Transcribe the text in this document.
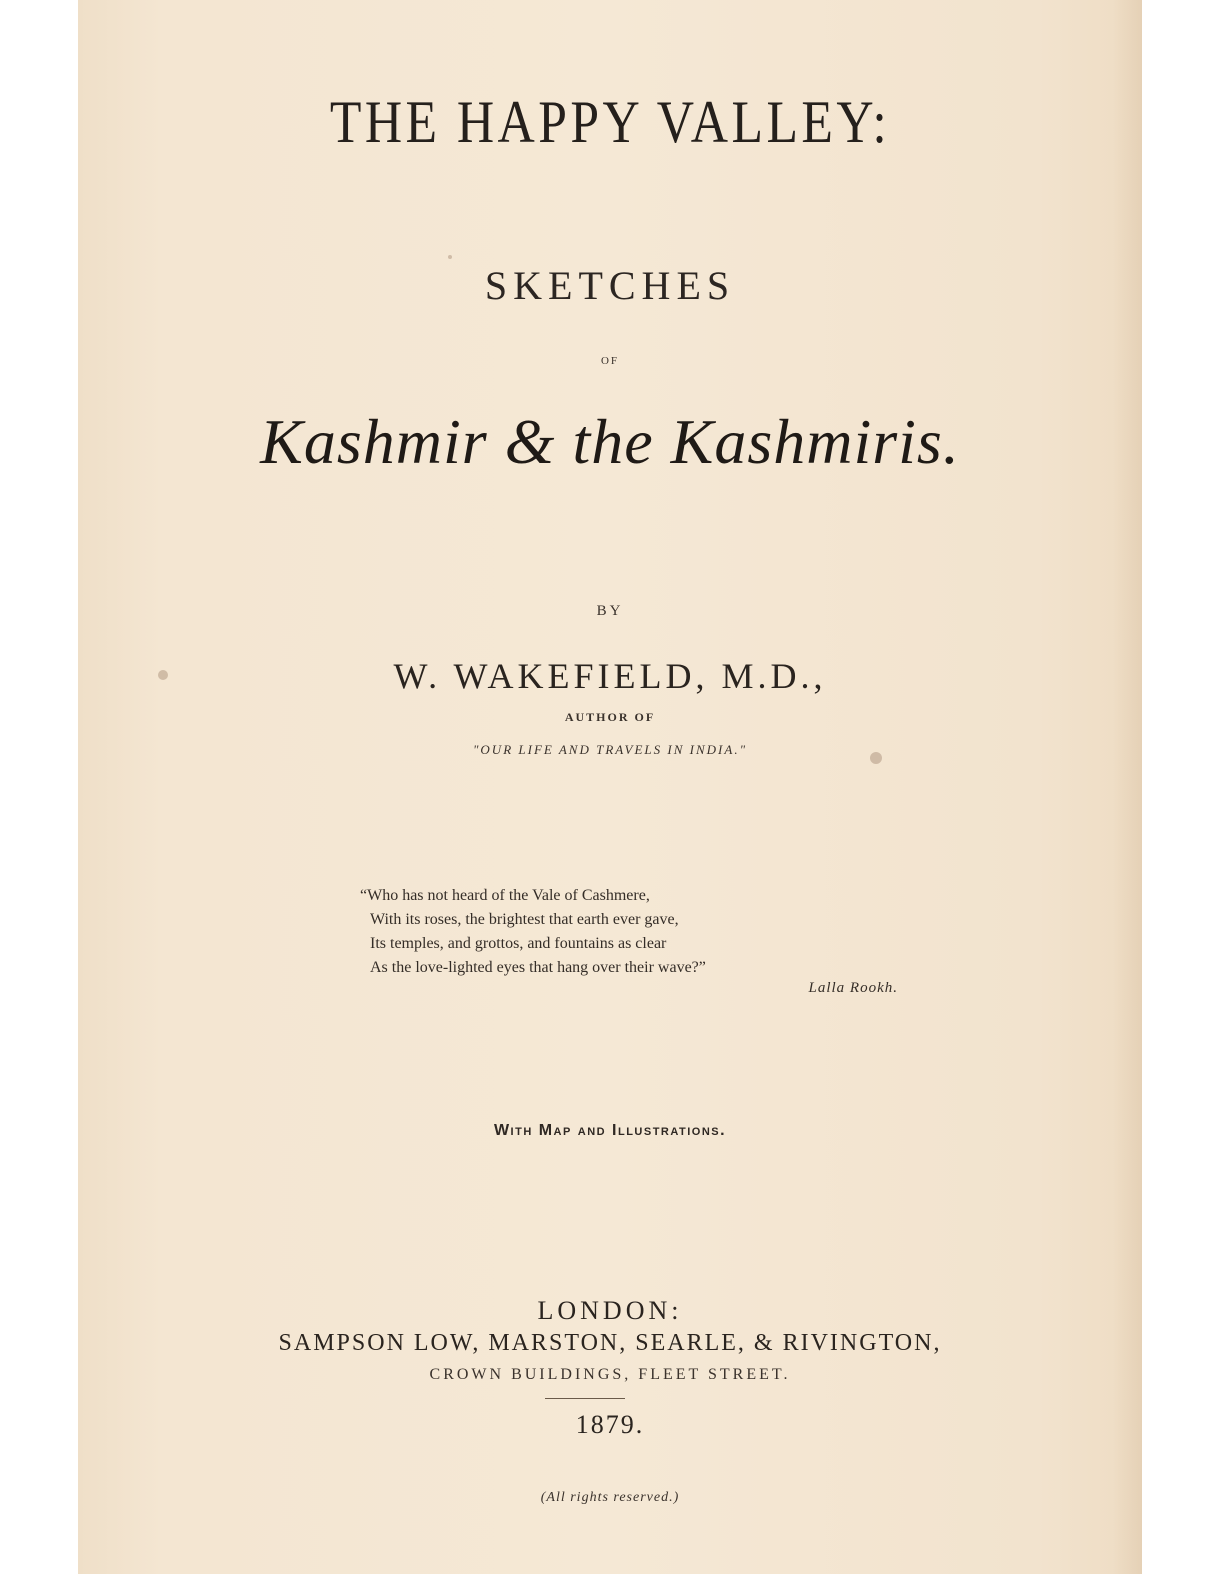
THE HAPPY VALLEY:
SKETCHES
OF
Kashmir & the Kashmiris.
BY
W. WAKEFIELD, M.D.,
AUTHOR OF
"OUR LIFE AND TRAVELS IN INDIA."
“Who has not heard of the Vale of Cashmere,
With its roses, the brightest that earth ever gave,
Its temples, and grottos, and fountains as clear
As the love-lighted eyes that hang over their wave?”
Lalla Rookh.
With Map and Illustrations.
LONDON:
SAMPSON LOW, MARSTON, SEARLE, & RIVINGTON,
CROWN BUILDINGS, FLEET STREET.
1879.
(All rights reserved.)
